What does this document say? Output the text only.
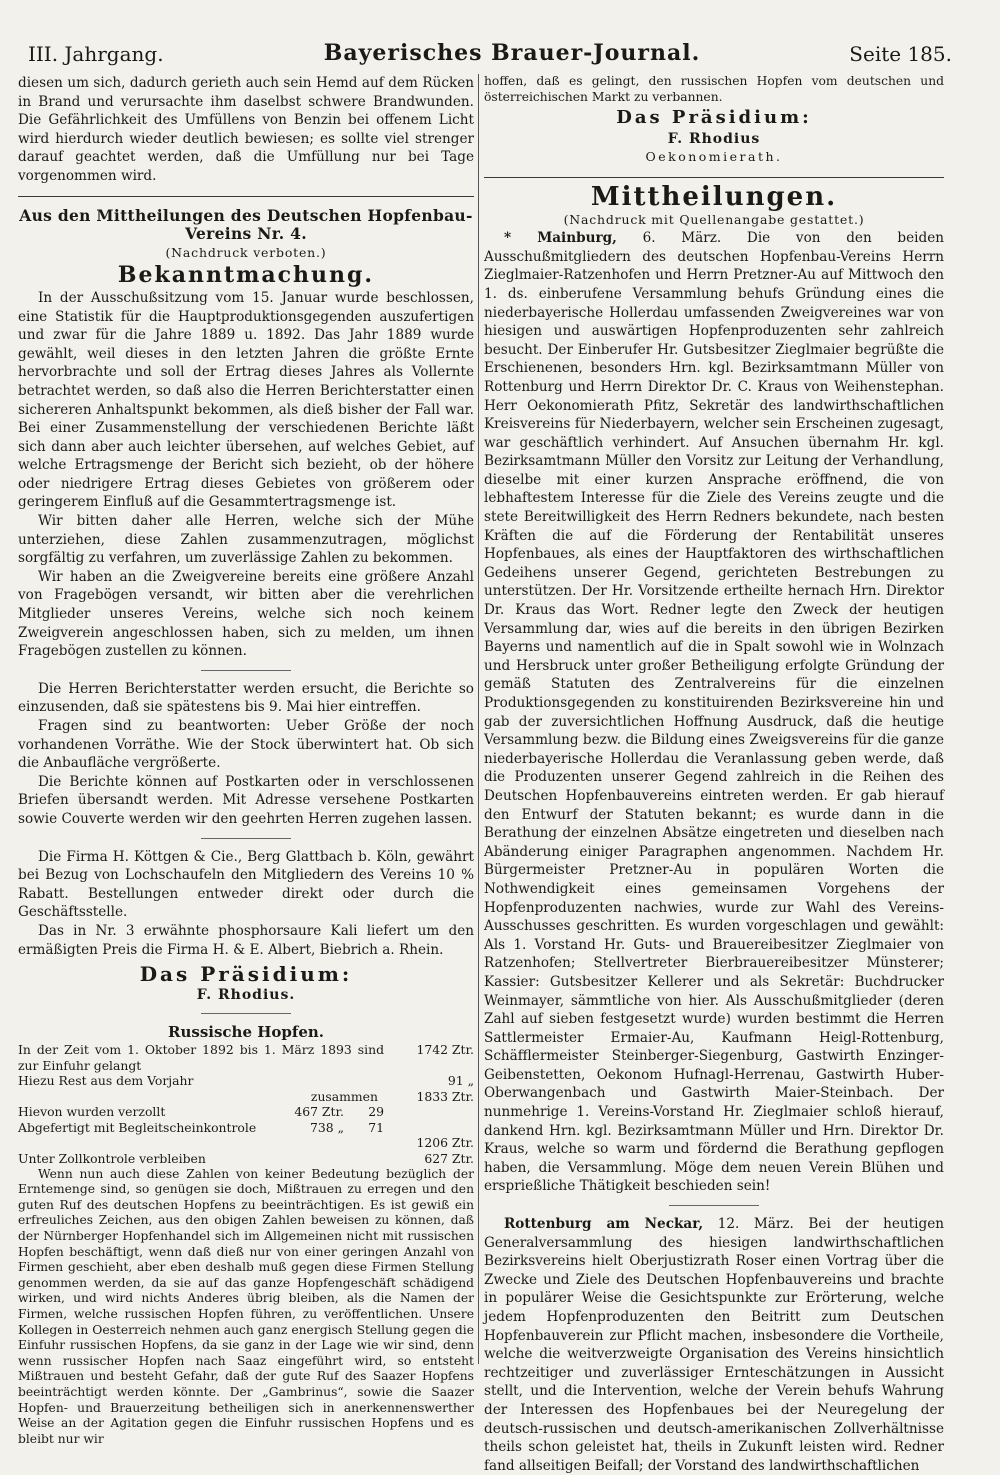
III. Jahrgang.	Bayerisches Brauer-Journal.	Seite 185.

diesen um sich, dadurch gerieth auch sein Hemd auf dem Rücken in Brand und verursachte ihm daselbst schwere Brandwunden. Die Gefährlichkeit des Umfüllens von Benzin bei offenem Licht wird hierdurch wieder deutlich bewiesen; es sollte viel strenger darauf geachtet werden, daß die Umfüllung nur bei Tage vorgenommen wird.

Aus den Mittheilungen des Deutschen Hopfenbau-Vereins Nr. 4.
(Nachdruck verboten.)
Bekanntmachung.

In der Ausschußsitzung vom 15. Januar wurde beschlossen, eine Statistik für die Hauptproduktionsgegenden auszufertigen und zwar für die Jahre 1889 u. 1892. Das Jahr 1889 wurde gewählt, weil dieses in den letzten Jahren die größte Ernte hervorbrachte und soll der Ertrag dieses Jahres als Vollernte betrachtet werden, so daß also die Herren Berichterstatter einen sichereren Anhaltspunkt bekommen, als dieß bisher der Fall war. Bei einer Zusammenstellung der verschiedenen Berichte läßt sich dann aber auch leichter übersehen, auf welches Gebiet, auf welche Ertragsmenge der Bericht sich bezieht, ob der höhere oder niedrigere Ertrag dieses Gebietes von größerem oder geringerem Einfluß auf die Gesammtertragsmenge ist.

Wir bitten daher alle Herren, welche sich der Mühe unterziehen, diese Zahlen zusammenzutragen, möglichst sorgfältig zu verfahren, um zuverlässige Zahlen zu bekommen.

Wir haben an die Zweigvereine bereits eine größere Anzahl von Fragebögen versandt, wir bitten aber die verehrlichen Mitglieder unseres Vereins, welche sich noch keinem Zweigverein angeschlossen haben, sich zu melden, um ihnen Fragebögen zustellen zu können.

Die Herren Berichterstatter werden ersucht, die Berichte so einzusenden, daß sie spätestens bis 9. Mai hier eintreffen.

Fragen sind zu beantworten: Ueber Größe der noch vorhandenen Vorräthe. Wie der Stock überwintert hat. Ob sich die Anbaufläche vergrößerte.

Die Berichte können auf Postkarten oder in verschlossenen Briefen übersandt werden. Mit Adresse versehene Postkarten sowie Couverte werden wir den geehrten Herren zugehen lassen.

Die Firma H. Köttgen & Cie., Berg Glattbach b. Köln, gewährt bei Bezug von Lochschaufeln den Mitgliedern des Vereins 10 % Rabatt. Bestellungen entweder direkt oder durch die Geschäftsstelle.

Das in Nr. 3 erwähnte phosphorsaure Kali liefert um den ermäßigten Preis die Firma H. & E. Albert, Biebrich a. Rhein.

Das Präsidium:
F. Rhodius.
Russische Hopfen.
In der Zeit vom 1. Oktober 1892 bis 1. März 1893 sind zur Einfuhr gelangt
1742 Ztr.
Hiezu Rest aus dem Vorjahr	91 „
zusammen	1833 Ztr.
Hievon wurden verzollt	467 Ztr.	29
Abgefertigt mit Begleitscheinkontrole	738 „	71
1206 Ztr.
Unter Zollkontrole verbleiben	627 Ztr.

Wenn nun auch diese Zahlen von keiner Bedeutung bezüglich der Erntemenge sind, so genügen sie doch, Mißtrauen zu erregen und den guten Ruf des deutschen Hopfens zu beeinträchtigen. Es ist gewiß ein erfreuliches Zeichen, aus den obigen Zahlen beweisen zu können, daß der Nürnberger Hopfenhandel sich im Allgemeinen nicht mit russischen Hopfen beschäftigt, wenn daß dieß nur von einer geringen Anzahl von Firmen geschieht, aber eben deshalb muß gegen diese Firmen Stellung genommen werden, da sie auf das ganze Hopfengeschäft schädigend wirken, und wird nichts Anderes übrig bleiben, als die Namen der Firmen, welche russischen Hopfen führen, zu veröffentlichen. Unsere Kollegen in Oesterreich nehmen auch ganz energisch Stellung gegen die Einfuhr russischen Hopfens, da sie ganz in der Lage wie wir sind, denn wenn russischer Hopfen nach Saaz eingeführt wird, so entsteht Mißtrauen und besteht Gefahr, daß der gute Ruf des Saazer Hopfens beeinträchtigt werden könnte. Der „Gambrinus“, sowie die Saazer Hopfen- und Brauerzeitung betheiligen sich in anerkennenswerther Weise an der Agitation gegen die Einfuhr russischen Hopfens und es bleibt nur wir

hoffen, daß es gelingt, den russischen Hopfen vom deutschen und österreichischen Markt zu verbannen.

Das Präsidium:
F. Rhodius
Oekonomierath.
Mittheilungen.
(Nachdruck mit Quellenangabe gestattet.)

* Mainburg, 6. März. Die von den beiden Ausschußmitgliedern des deutschen Hopfenbau-Vereins Herrn Zieglmaier-Ratzenhofen und Herrn Pretzner-Au auf Mittwoch den 1. ds. einberufene Versammlung behufs Gründung eines die niederbayerische Hollerdau umfassenden Zweigvereines war von hiesigen und auswärtigen Hopfenproduzenten sehr zahlreich besucht. Der Einberufer Hr. Gutsbesitzer Zieglmaier begrüßte die Erschienenen, besonders Hrn. kgl. Bezirksamtmann Müller von Rottenburg und Herrn Direktor Dr. C. Kraus von Weihenstephan. Herr Oekonomierath Pfitz, Sekretär des landwirthschaftlichen Kreisvereins für Niederbayern, welcher sein Erscheinen zugesagt, war geschäftlich verhindert. Auf Ansuchen übernahm Hr. kgl. Bezirksamtmann Müller den Vorsitz zur Leitung der Verhandlung, dieselbe mit einer kurzen Ansprache eröffnend, die von lebhaftestem Interesse für die Ziele des Vereins zeugte und die stete Bereitwilligkeit des Herrn Redners bekundete, nach besten Kräften die auf die Förderung der Rentabilität unseres Hopfenbaues, als eines der Hauptfaktoren des wirthschaftlichen Gedeihens unserer Gegend, gerichteten Bestrebungen zu unterstützen. Der Hr. Vorsitzende ertheilte hernach Hrn. Direktor Dr. Kraus das Wort. Redner legte den Zweck der heutigen Versammlung dar, wies auf die bereits in den übrigen Bezirken Bayerns und namentlich auf die in Spalt sowohl wie in Wolnzach und Hersbruck unter großer Betheiligung erfolgte Gründung der gemäß Statuten des Zentralvereins für die einzelnen Produktionsgegenden zu konstituirenden Bezirksvereine hin und gab der zuversichtlichen Hoffnung Ausdruck, daß die heutige Versammlung bezw. die Bildung eines Zweigsvereins für die ganze niederbayerische Hollerdau die Veranlassung geben werde, daß die Produzenten unserer Gegend zahlreich in die Reihen des Deutschen Hopfenbauvereins eintreten werden. Er gab hierauf den Entwurf der Statuten bekannt; es wurde dann in die Berathung der einzelnen Absätze eingetreten und dieselben nach Abänderung einiger Paragraphen angenommen. Nachdem Hr. Bürgermeister Pretzner-Au in populären Worten die Nothwendigkeit eines gemeinsamen Vorgehens der Hopfenproduzenten nachwies, wurde zur Wahl des Vereins-Ausschusses geschritten. Es wurden vorgeschlagen und gewählt: Als 1. Vorstand Hr. Guts- und Brauereibesitzer Zieglmaier von Ratzenhofen; Stellvertreter Bierbrauereibesitzer Münsterer; Kassier: Gutsbesitzer Kellerer und als Sekretär: Buchdrucker Weinmayer, sämmtliche von hier. Als Ausschußmitglieder (deren Zahl auf sieben festgesetzt wurde) wurden bestimmt die Herren Sattlermeister Ermaier-Au, Kaufmann Heigl-Rottenburg, Schäfflermeister Steinberger-Siegenburg, Gastwirth Enzinger-Geibenstetten, Oekonom Hufnagl-Herrenau, Gastwirth Huber-Oberwangenbach und Gastwirth Maier-Steinbach. Der nunmehrige 1. Vereins-Vorstand Hr. Zieglmaier schloß hierauf, dankend Hrn. kgl. Bezirksamtmann Müller und Hrn. Direktor Dr. Kraus, welche so warm und fördernd die Berathung gepflogen haben, die Versammlung. Möge dem neuen Verein Blühen und ersprießliche Thätigkeit beschieden sein!

Rottenburg am Neckar, 12. März. Bei der heutigen Generalversammlung des hiesigen landwirthschaftlichen Bezirksvereins hielt Oberjustizrath Roser einen Vortrag über die Zwecke und Ziele des Deutschen Hopfenbauvereins und brachte in populärer Weise die Gesichtspunkte zur Erörterung, welche jedem Hopfenproduzenten den Beitritt zum Deutschen Hopfenbauverein zur Pflicht machen, insbesondere die Vortheile, welche die weitverzweigte Organisation des Vereins hinsichtlich rechtzeitiger und zuverlässiger Ernteschätzungen in Aussicht stellt, und die Intervention, welche der Verein behufs Wahrung der Interessen des Hopfenbaues bei der Neuregelung der deutsch-russischen und deutsch-amerikanischen Zollverhältnisse theils schon geleistet hat, theils in Zukunft leisten wird. Redner fand allseitigen Beifall; der Vorstand des landwirthschaftlichen
